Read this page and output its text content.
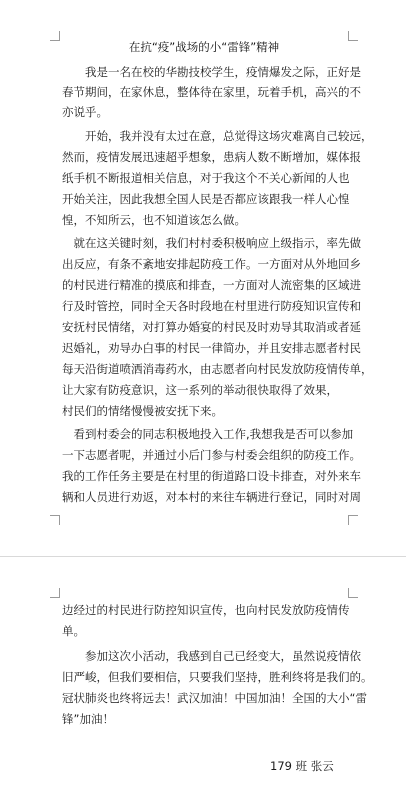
在抗“疫”战场的小“雷锋”精神
　　我是一名在校的华勘技校学生，疫情爆发之际，正好是
春节期间，在家休息，整体待在家里，玩着手机，高兴的不
亦说乎。
　　开始，我并没有太过在意，总觉得这场灾难离自己较远，
然而，疫情发展迅速超乎想象，患病人数不断增加，媒体报
纸手机不断报道相关信息，对于我这个不关心新闻的人也
开始关注，因此我想全国人民是否都应该跟我一样人心惶
惶，不知所云，也不知道该怎么做。
　就在这关键时刻，我们村村委积极响应上级指示，率先做
出反应，有条不紊地安排起防疫工作。一方面对从外地回乡
的村民进行精准的摸底和排查，一方面对人流密集的区域进
行及时管控，同时全天各时段地在村里进行防疫知识宣传和
安抚村民情绪，对打算办婚宴的村民及时劝导其取消或者延
迟婚礼，劝导办白事的村民一律简办，并且安排志愿者村民
每天沿街道喷洒消毒药水，由志愿者向村民发放防疫情传单，
让大家有防疫意识，这一系列的举动很快取得了效果，
村民们的情绪慢慢被安抚下来。
　看到村委会的同志积极地投入工作,我想我是否可以参加
一下志愿者呢，并通过小后门参与村委会组织的防疫工作。
我的工作任务主要是在村里的街道路口设卡排查，对外来车
辆和人员进行劝返，对本村的来往车辆进行登记，同时对周
边经过的村民进行防控知识宣传，也向村民发放防疫情传
单。
　　参加这次小活动，我感到自己已经变大，虽然说疫情依
旧严峻，但我们要相信，只要我们坚持，胜利终将是我们的。
冠状肺炎也终将远去！武汉加油！中国加油！全国的大小“雷
锋”加油！
179 班 张云
